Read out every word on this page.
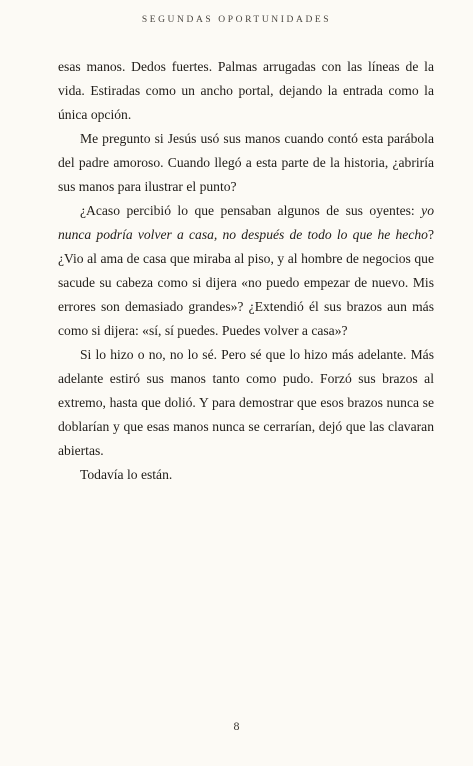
SEGUNDAS OPORTUNIDADES

esas manos. Dedos fuertes. Palmas arrugadas con las líneas de la vida. Estiradas como un ancho portal, dejando la entrada como la única opción.

Me pregunto si Jesús usó sus manos cuando contó esta parábola del padre amoroso. Cuando llegó a esta parte de la historia, ¿abriría sus manos para ilustrar el punto?

¿Acaso percibió lo que pensaban algunos de sus oyentes: yo nunca podría volver a casa, no después de todo lo que he hecho? ¿Vio al ama de casa que miraba al piso, y al hombre de negocios que sacude su cabeza como si dijera «no puedo empezar de nuevo. Mis errores son demasiado grandes»? ¿Extendió él sus brazos aun más como si dijera: «sí, sí puedes. Puedes volver a casa»?

Si lo hizo o no, no lo sé. Pero sé que lo hizo más adelante. Más adelante estiró sus manos tanto como pudo. Forzó sus brazos al extremo, hasta que dolió. Y para demostrar que esos brazos nunca se doblarían y que esas manos nunca se cerrarían, dejó que las clavaran abiertas.

Todavía lo están.

8
